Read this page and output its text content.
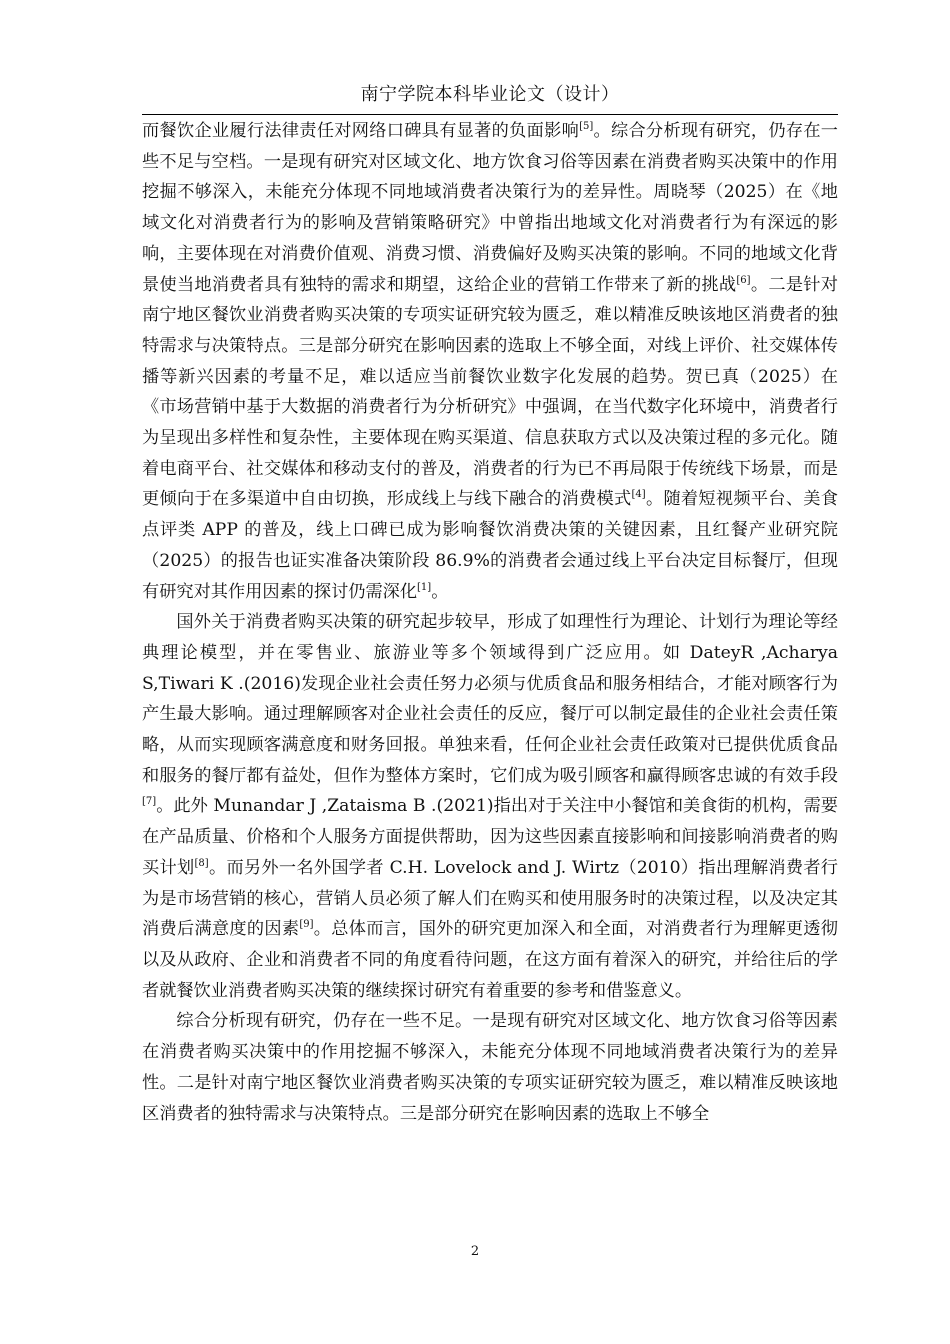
南宁学院本科毕业论文（设计）

而餐饮企业履行法律责任对网络口碑具有显著的负面影响[5]。综合分析现有研究，仍存在一些不足与空档。一是现有研究对区域文化、地方饮食习俗等因素在消费者购买决策中的作用挖掘不够深入，未能充分体现不同地域消费者决策行为的差异性。周晓琴（2025）在《地域文化对消费者行为的影响及营销策略研究》中曾指出地域文化对消费者行为有深远的影响，主要体现在对消费价值观、消费习惯、消费偏好及购买决策的影响。不同的地域文化背景使当地消费者具有独特的需求和期望，这给企业的营销工作带来了新的挑战[6]。二是针对南宁地区餐饮业消费者购买决策的专项实证研究较为匮乏，难以精准反映该地区消费者的独特需求与决策特点。三是部分研究在影响因素的选取上不够全面，对线上评价、社交媒体传播等新兴因素的考量不足，难以适应当前餐饮业数字化发展的趋势。贺已真（2025）在《市场营销中基于大数据的消费者行为分析研究》中强调，在当代数字化环境中，消费者行为呈现出多样性和复杂性，主要体现在购买渠道、信息获取方式以及决策过程的多元化。随着电商平台、社交媒体和移动支付的普及，消费者的行为已不再局限于传统线下场景，而是更倾向于在多渠道中自由切换，形成线上与线下融合的消费模式[4]。随着短视频平台、美食点评类 APP 的普及，线上口碑已成为影响餐饮消费决策的关键因素，且红餐产业研究院（2025）的报告也证实准备决策阶段 86.9%的消费者会通过线上平台决定目标餐厅，但现有研究对其作用因素的探讨仍需深化[1]。

国外关于消费者购买决策的研究起步较早，形成了如理性行为理论、计划行为理论等经典理论模型，并在零售业、旅游业等多个领域得到广泛应用。如 DateyR ,Acharya S,Tiwari K .(2016)发现企业社会责任努力必须与优质食品和服务相结合，才能对顾客行为产生最大影响。通过理解顾客对企业社会责任的反应，餐厅可以制定最佳的企业社会责任策略，从而实现顾客满意度和财务回报。单独来看，任何企业社会责任政策对已提供优质食品和服务的餐厅都有益处，但作为整体方案时，它们成为吸引顾客和赢得顾客忠诚的有效手段[7]。此外 Munandar J ,Zataisma B .(2021)指出对于关注中小餐馆和美食街的机构，需要在产品质量、价格和个人服务方面提供帮助，因为这些因素直接影响和间接影响消费者的购买计划[8]。而另外一名外国学者 C.H. Lovelock and J. Wirtz（2010）指出理解消费者行为是市场营销的核心，营销人员必须了解人们在购买和使用服务时的决策过程，以及决定其消费后满意度的因素[9]。总体而言，国外的研究更加深入和全面，对消费者行为理解更透彻以及从政府、企业和消费者不同的角度看待问题，在这方面有着深入的研究，并给往后的学者就餐饮业消费者购买决策的继续探讨研究有着重要的参考和借鉴意义。

综合分析现有研究，仍存在一些不足。一是现有研究对区域文化、地方饮食习俗等因素在消费者购买决策中的作用挖掘不够深入，未能充分体现不同地域消费者决策行为的差异性。二是针对南宁地区餐饮业消费者购买决策的专项实证研究较为匮乏，难以精准反映该地区消费者的独特需求与决策特点。三是部分研究在影响因素的选取上不够全

2
